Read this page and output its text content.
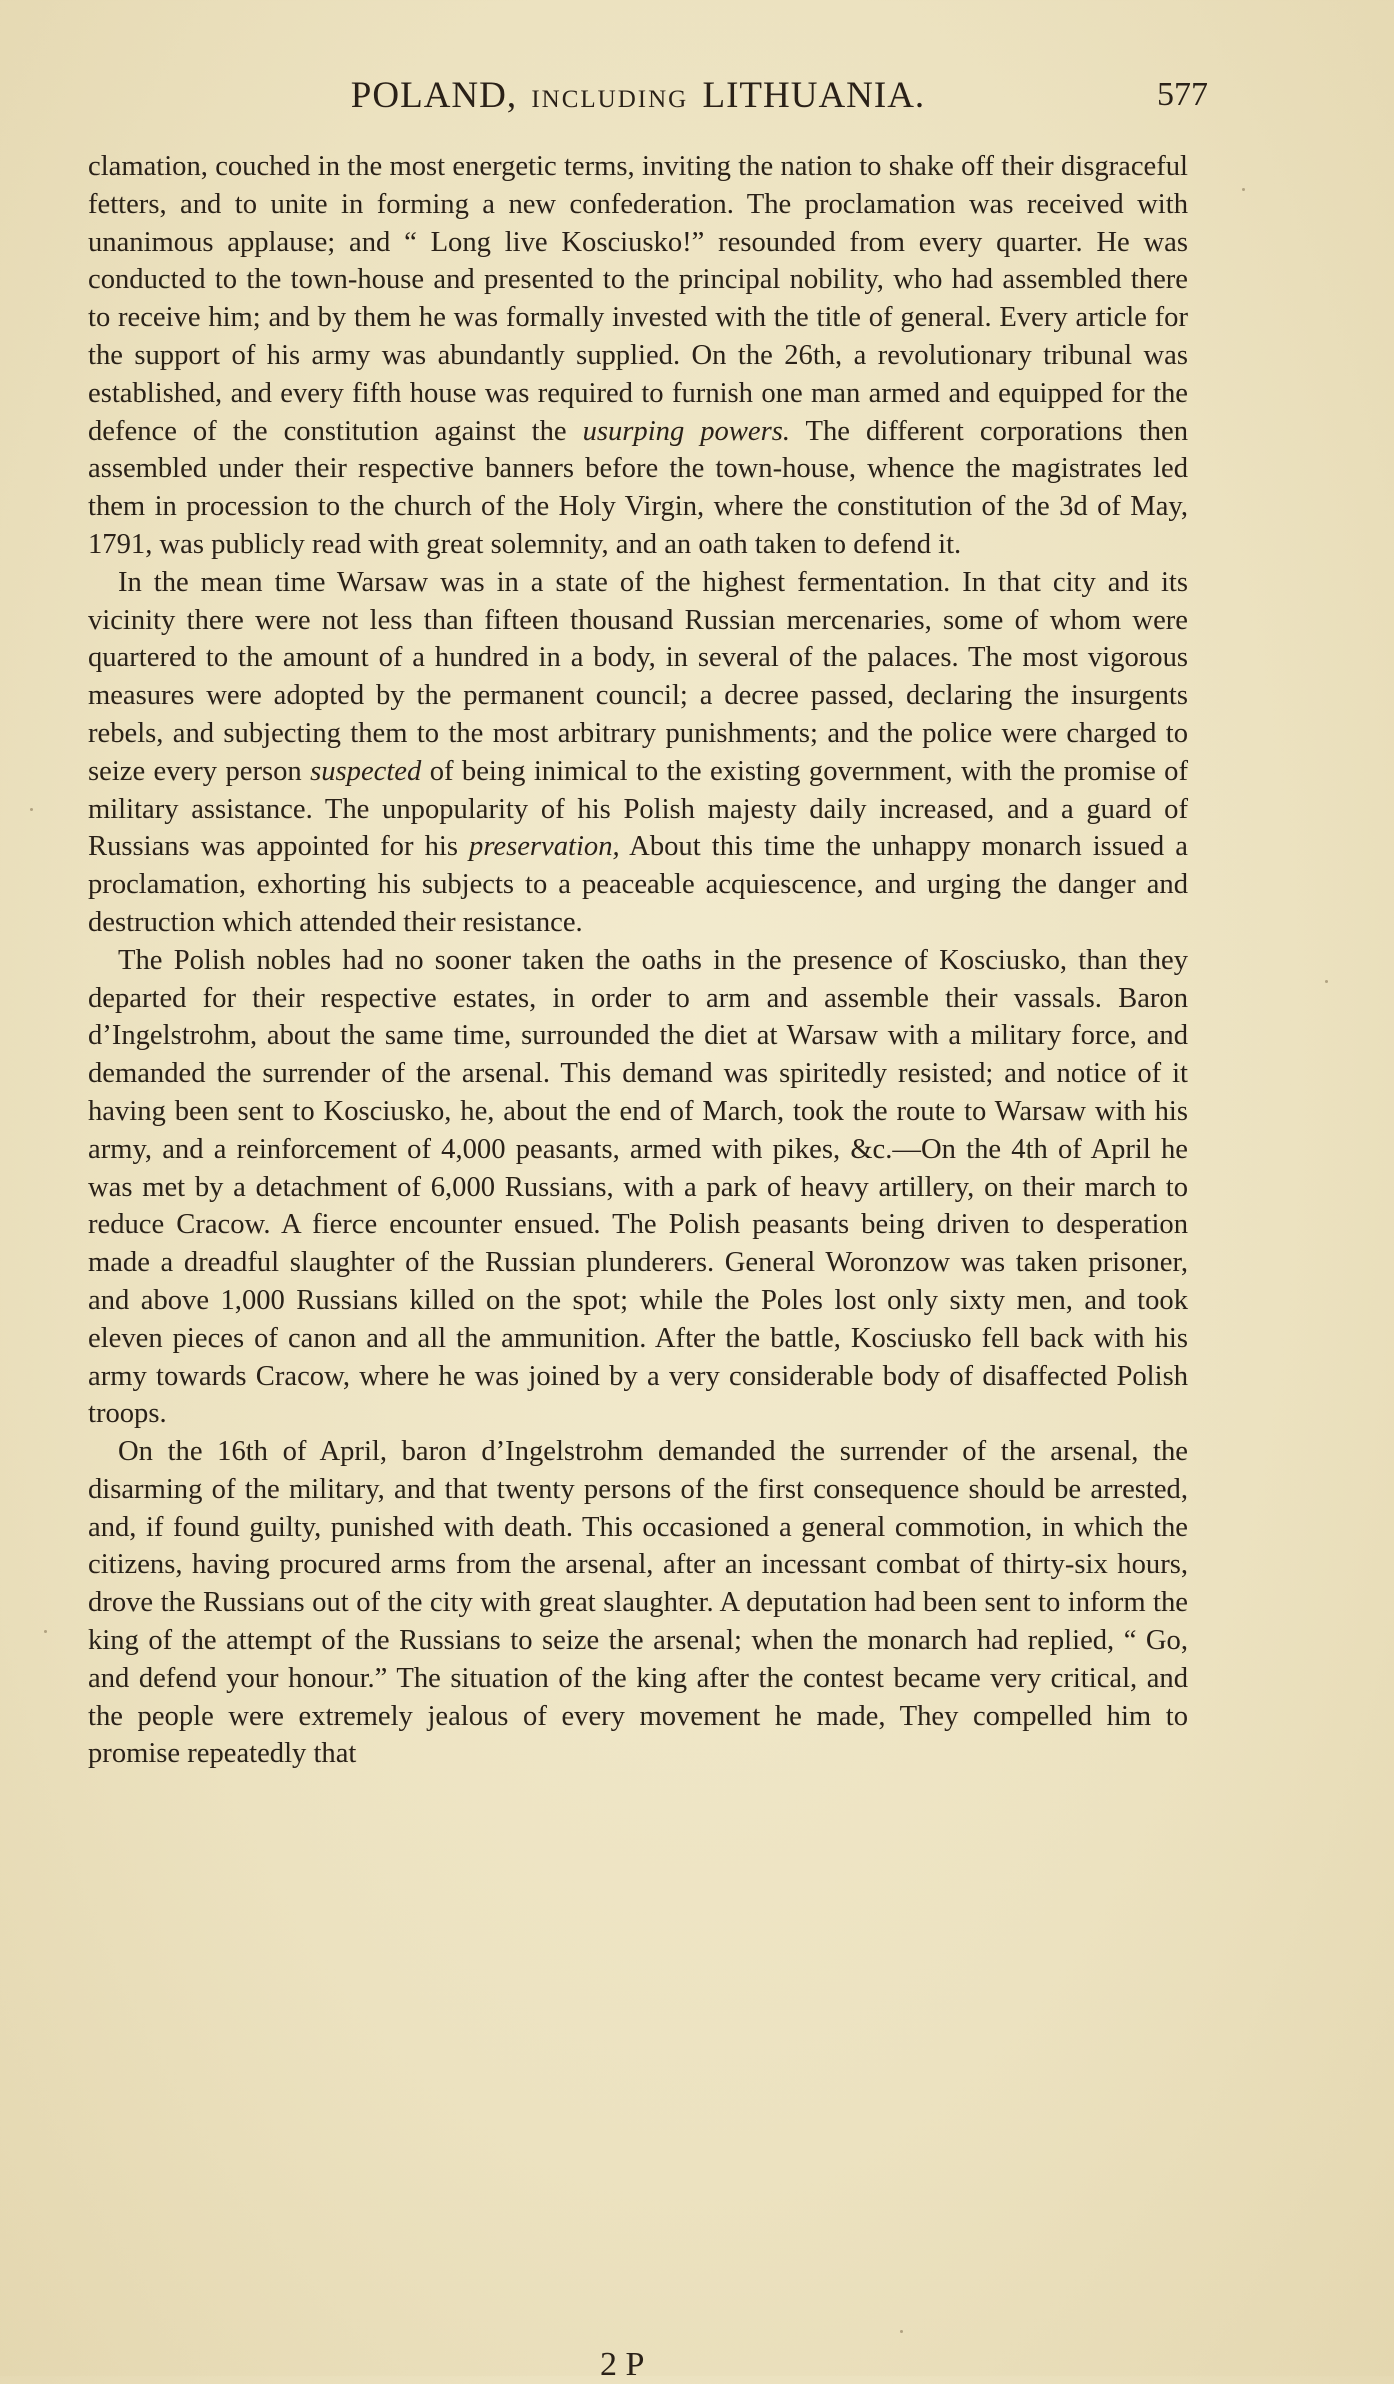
POLAND, INCLUDING LITHUANIA.	577

clamation, couched in the most energetic terms, inviting the nation to shake off their disgraceful fetters, and to unite in forming a new confederation. The proclamation was received with unanimous applause; and “ Long live Kosciusko!” resounded from every quarter. He was conducted to the town-house and presented to the principal nobility, who had assembled there to receive him; and by them he was formally invested with the title of general. Every article for the support of his army was abundantly supplied. On the 26th, a revolutionary tribunal was established, and every fifth house was required to furnish one man armed and equipped for the defence of the constitution against the usurping powers. The different corporations then assembled under their respective banners before the town-house, whence the magistrates led them in procession to the church of the Holy Virgin, where the constitution of the 3d of May, 1791, was publicly read with great solemnity, and an oath taken to defend it.

In the mean time Warsaw was in a state of the highest fermentation. In that city and its vicinity there were not less than fifteen thousand Russian mercenaries, some of whom were quartered to the amount of a hundred in a body, in several of the palaces. The most vigorous measures were adopted by the permanent council; a decree passed, declaring the insurgents rebels, and subjecting them to the most arbitrary punishments; and the police were charged to seize every person suspected of being inimical to the existing government, with the promise of military assistance. The unpopularity of his Polish majesty daily increased, and a guard of Russians was appointed for his preservation, About this time the unhappy monarch issued a proclamation, exhorting his subjects to a peaceable acquiescence, and urging the danger and destruction which attended their resistance.

The Polish nobles had no sooner taken the oaths in the presence of Kosciusko, than they departed for their respective estates, in order to arm and assemble their vassals. Baron d’Ingelstrohm, about the same time, surrounded the diet at Warsaw with a military force, and demanded the surrender of the arsenal. This demand was spiritedly resisted; and notice of it having been sent to Kosciusko, he, about the end of March, took the route to Warsaw with his army, and a reinforcement of 4,000 peasants, armed with pikes, &c.—On the 4th of April he was met by a detachment of 6,000 Russians, with a park of heavy artillery, on their march to reduce Cracow. A fierce encounter ensued. The Polish peasants being driven to desperation made a dreadful slaughter of the Russian plunderers. General Woronzow was taken prisoner, and above 1,000 Russians killed on the spot; while the Poles lost only sixty men, and took eleven pieces of canon and all the ammunition. After the battle, Kosciusko fell back with his army towards Cracow, where he was joined by a very considerable body of disaffected Polish troops.

On the 16th of April, baron d’Ingelstrohm demanded the surrender of the arsenal, the disarming of the military, and that twenty persons of the first consequence should be arrested, and, if found guilty, punished with death. This occasioned a general commotion, in which the citizens, having procured arms from the arsenal, after an incessant combat of thirty-six hours, drove the Russians out of the city with great slaughter. A deputation had been sent to inform the king of the attempt of the Russians to seize the arsenal; when the monarch had replied, “ Go, and defend your honour.” The situation of the king after the contest became very critical, and the people were extremely jealous of every movement he made, They compelled him to promise repeatedly that

2 P
